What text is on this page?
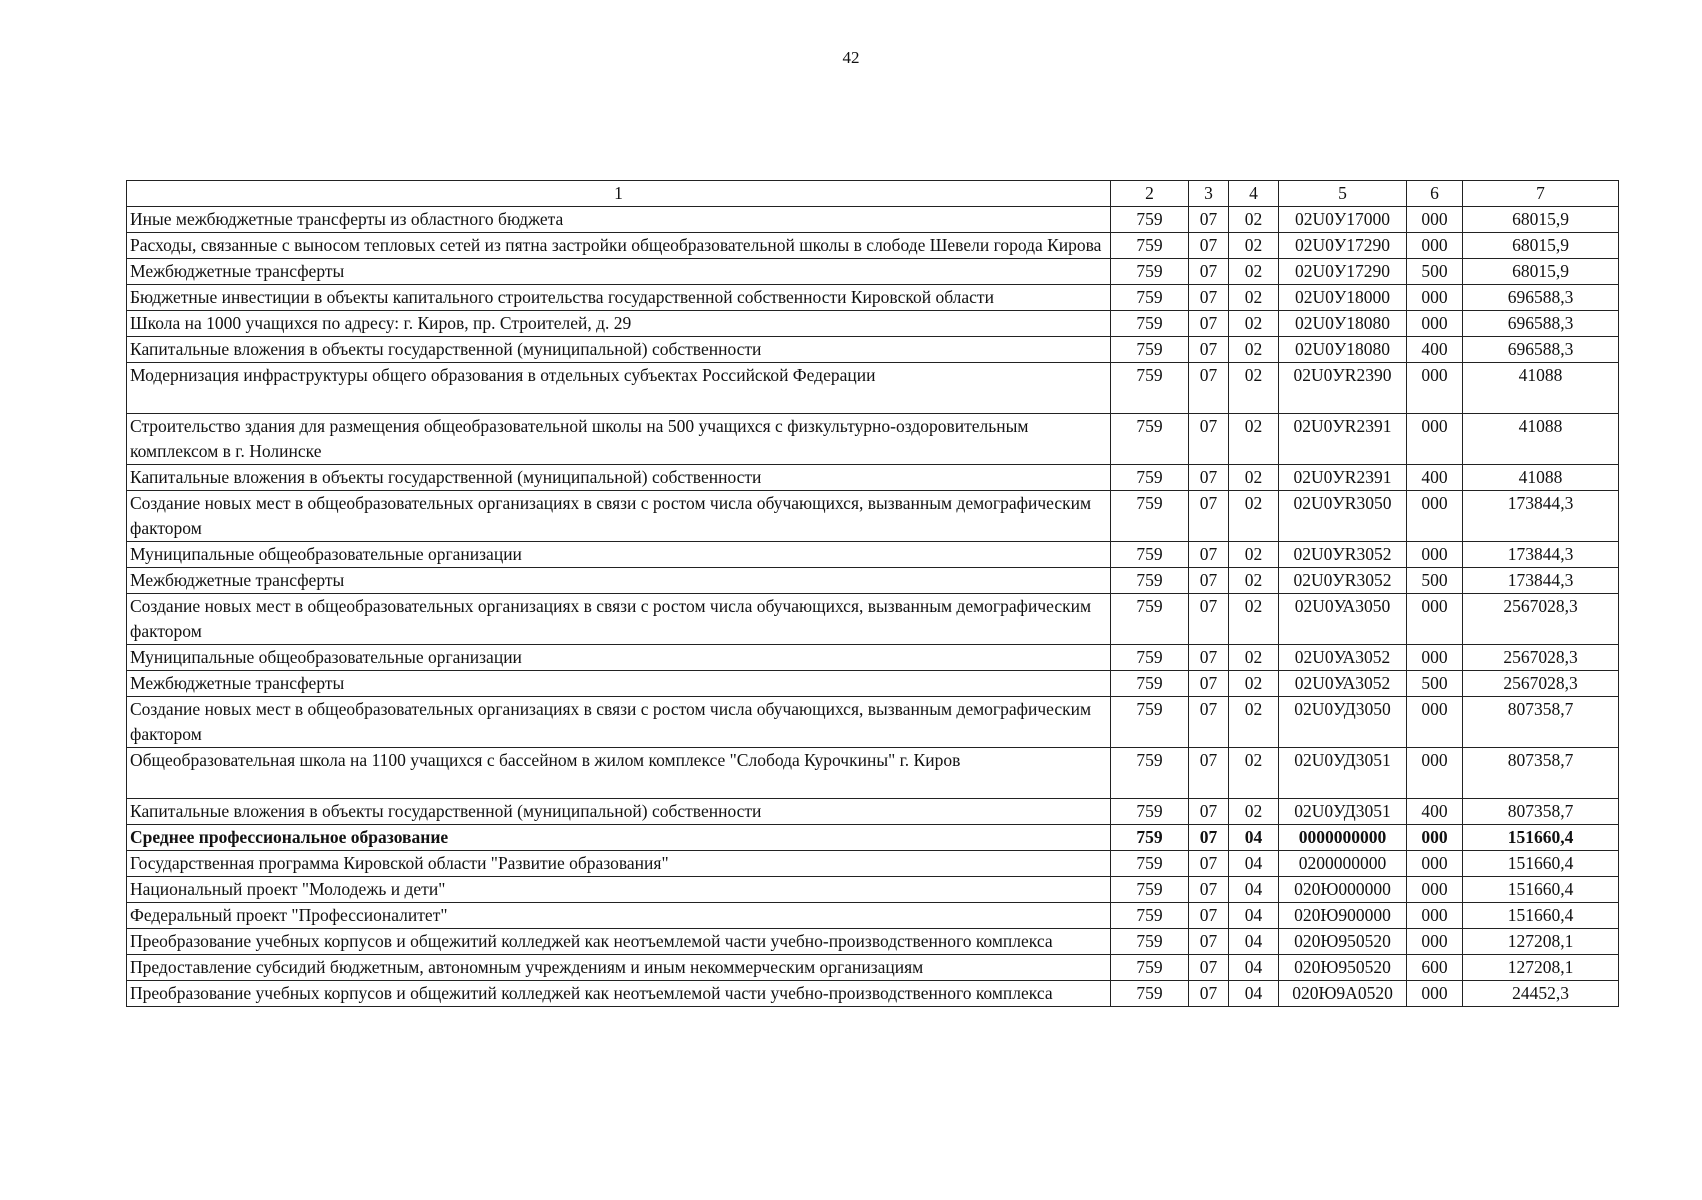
42
1	2	3	4	5	6	7
Иные межбюджетные трансферты из областного бюджета	759	07	02	02U0У17000	000	68015,9
Расходы, связанные с выносом тепловых сетей из пятна застройки общеобразовательной школы в слободе Шевели города Кирова	759	07	02	02U0У17290	000	68015,9
Межбюджетные трансферты	759	07	02	02U0У17290	500	68015,9
Бюджетные инвестиции в объекты капитального строительства государственной собственности Кировской области	759	07	02	02U0У18000	000	696588,3
Школа на 1000 учащихся по адресу: г. Киров, пр. Строителей, д. 29	759	07	02	02U0У18080	000	696588,3
Капитальные вложения в объекты государственной (муниципальной) собственности	759	07	02	02U0У18080	400	696588,3
Модернизация инфраструктуры общего образования в отдельных субъектах Российской Федерации	759	07	02	02U0УR2390	000	41088
Строительство здания для размещения общеобразовательной школы на 500 учащихся с физкультурно-оздоровительным комплексом в г. Нолинске	759	07	02	02U0УR2391	000	41088
Капитальные вложения в объекты государственной (муниципальной) собственности	759	07	02	02U0УR2391	400	41088
Создание новых мест в общеобразовательных организациях в связи с ростом числа обучающихся, вызванным демографическим фактором	759	07	02	02U0УR3050	000	173844,3
Муниципальные общеобразовательные организации	759	07	02	02U0УR3052	000	173844,3
Межбюджетные трансферты	759	07	02	02U0УR3052	500	173844,3
Создание новых мест в общеобразовательных организациях в связи с ростом числа обучающихся, вызванным демографическим фактором	759	07	02	02U0УА3050	000	2567028,3
Муниципальные общеобразовательные организации	759	07	02	02U0УА3052	000	2567028,3
Межбюджетные трансферты	759	07	02	02U0УА3052	500	2567028,3
Создание новых мест в общеобразовательных организациях в связи с ростом числа обучающихся, вызванным демографическим фактором	759	07	02	02U0УД3050	000	807358,7
Общеобразовательная школа на 1100 учащихся с бассейном в жилом комплексе "Слобода Курочкины" г. Киров	759	07	02	02U0УД3051	000	807358,7
Капитальные вложения в объекты государственной (муниципальной) собственности	759	07	02	02U0УД3051	400	807358,7
Среднее профессиональное образование	759	07	04	0000000000	000	151660,4
Государственная программа Кировской области "Развитие образования"	759	07	04	0200000000	000	151660,4
Национальный проект "Молодежь и дети"	759	07	04	020Ю000000	000	151660,4
Федеральный проект "Профессионалитет"	759	07	04	020Ю900000	000	151660,4
Преобразование учебных корпусов и общежитий колледжей как неотъемлемой части учебно-производственного комплекса	759	07	04	020Ю950520	000	127208,1
Предоставление субсидий бюджетным, автономным учреждениям и иным некоммерческим организациям	759	07	04	020Ю950520	600	127208,1
Преобразование учебных корпусов и общежитий колледжей как неотъемлемой части учебно-производственного комплекса	759	07	04	020Ю9А0520	000	24452,3
